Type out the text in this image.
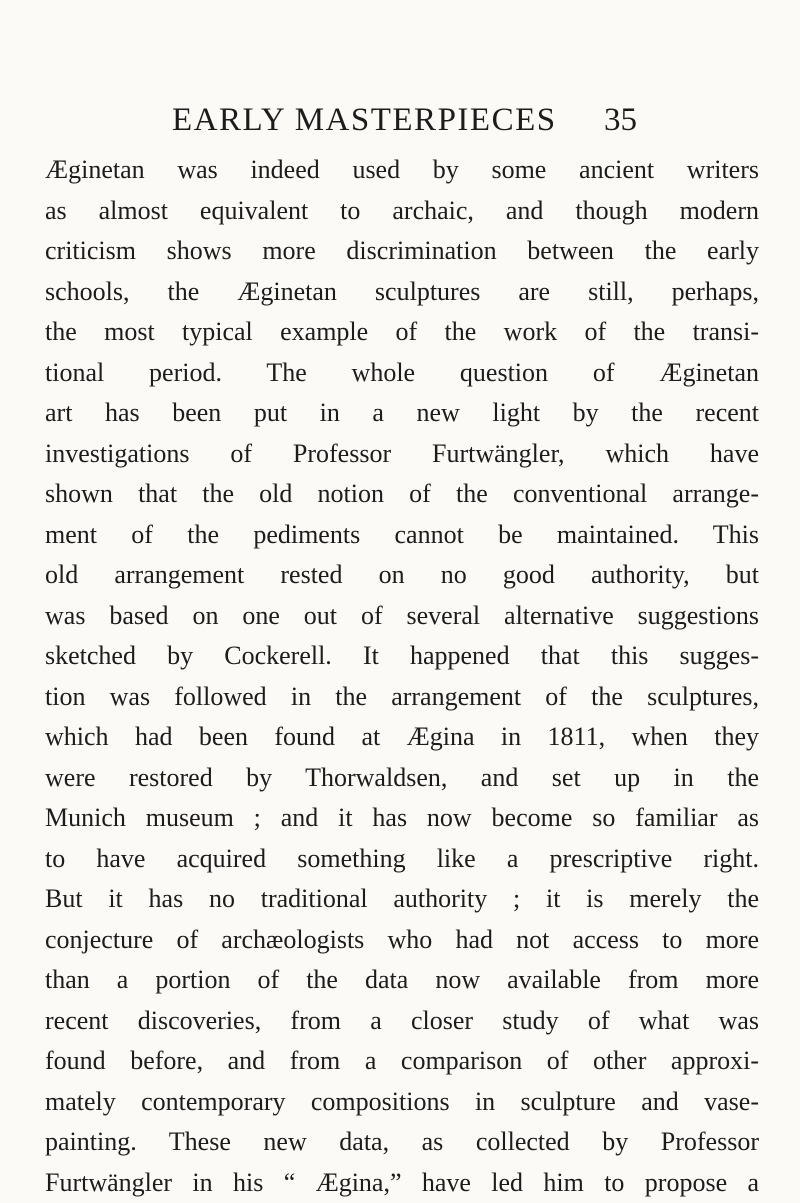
EARLY MASTERPIECES 35
Æginetan was indeed used by some ancient writers
as almost equivalent to archaic, and though modern
criticism shows more discrimination between the early
schools, the Æginetan sculptures are still, perhaps,
the most typical example of the work of the transi-
tional period. The whole question of Æginetan
art has been put in a new light by the recent
investigations of Professor Furtwängler, which have
shown that the old notion of the conventional arrange-
ment of the pediments cannot be maintained. This
old arrangement rested on no good authority, but
was based on one out of several alternative suggestions
sketched by Cockerell. It happened that this sugges-
tion was followed in the arrangement of the sculptures,
which had been found at Ægina in 1811, when they
were restored by Thorwaldsen, and set up in the
Munich museum ; and it has now become so familiar as
to have acquired something like a prescriptive right.
But it has no traditional authority ; it is merely the
conjecture of archæologists who had not access to more
than a portion of the data now available from more
recent discoveries, from a closer study of what was
found before, and from a comparison of other approxi-
mately contemporary compositions in sculpture and vase-
painting. These new data, as collected by Professor
Furtwängler in his “ Ægina,” have led him to propose a
